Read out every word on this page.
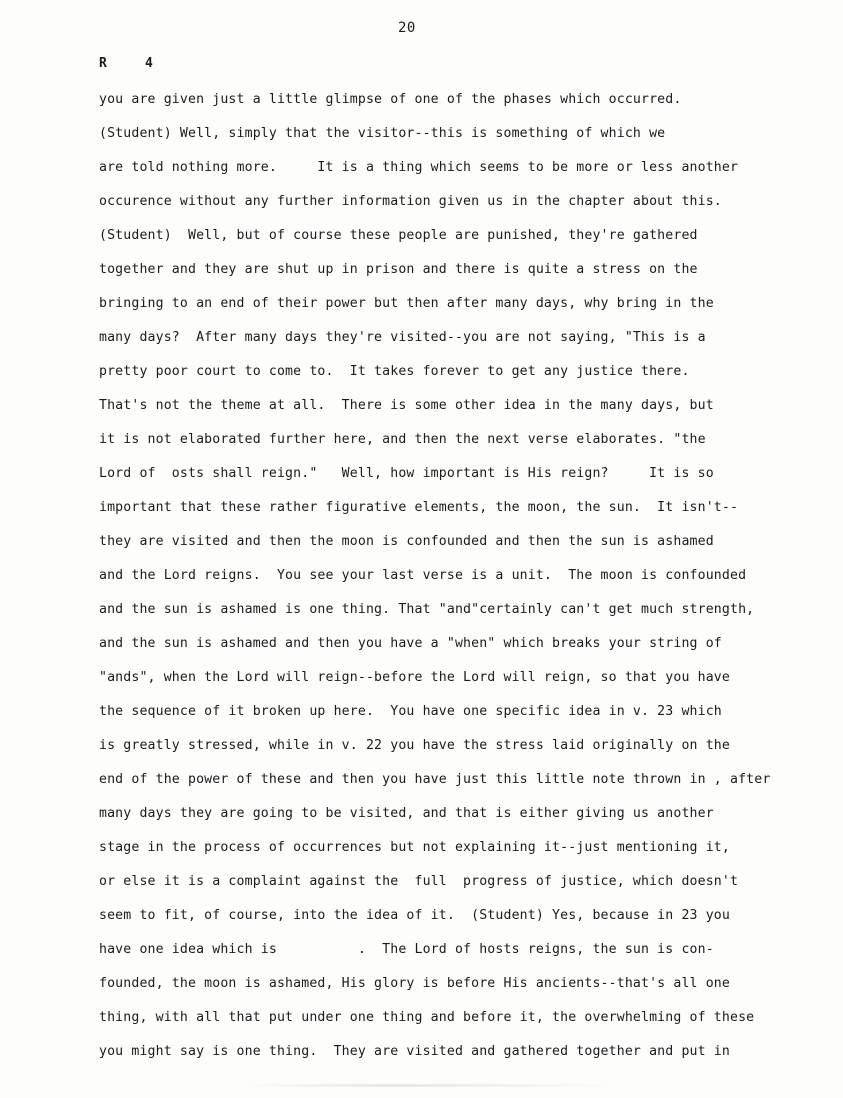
20
R	4
you are given just a little glimpse of one of the phases which occurred.
(Student) Well, simply that the visitor--this is something of which we
are told nothing more.     It is a thing which seems to be more or less another
occurence without any further information given us in the chapter about this.
(Student)  Well, but of course these people are punished, they're gathered
together and they are shut up in prison and there is quite a stress on the
bringing to an end of their power but then after many days, why bring in the
many days?  After many days they're visited--you are not saying, "This is a
pretty poor court to come to.  It takes forever to get any justice there.
That's not the theme at all.  There is some other idea in the many days, but
it is not elaborated further here, and then the next verse elaborates. "the
Lord of  osts shall reign."   Well, how important is His reign?     It is so
important that these rather figurative elements, the moon, the sun.  It isn't--
they are visited and then the moon is confounded and then the sun is ashamed
and the Lord reigns.  You see your last verse is a unit.  The moon is confounded
and the sun is ashamed is one thing. That "and"certainly can't get much strength,
and the sun is ashamed and then you have a "when" which breaks your string of
"ands", when the Lord will reign--before the Lord will reign, so that you have
the sequence of it broken up here.  You have one specific idea in v. 23 which
is greatly stressed, while in v. 22 you have the stress laid originally on the
end of the power of these and then you have just this little note thrown in , after
many days they are going to be visited, and that is either giving us another
stage in the process of occurrences but not explaining it--just mentioning it,
or else it is a complaint against the  full  progress of justice, which doesn't
seem to fit, of course, into the idea of it.  (Student) Yes, because in 23 you
have one idea which is          .  The Lord of hosts reigns, the sun is con-
founded, the moon is ashamed, His glory is before His ancients--that's all one
thing, with all that put under one thing and before it, the overwhelming of these
you might say is one thing.  They are visited and gathered together and put in
